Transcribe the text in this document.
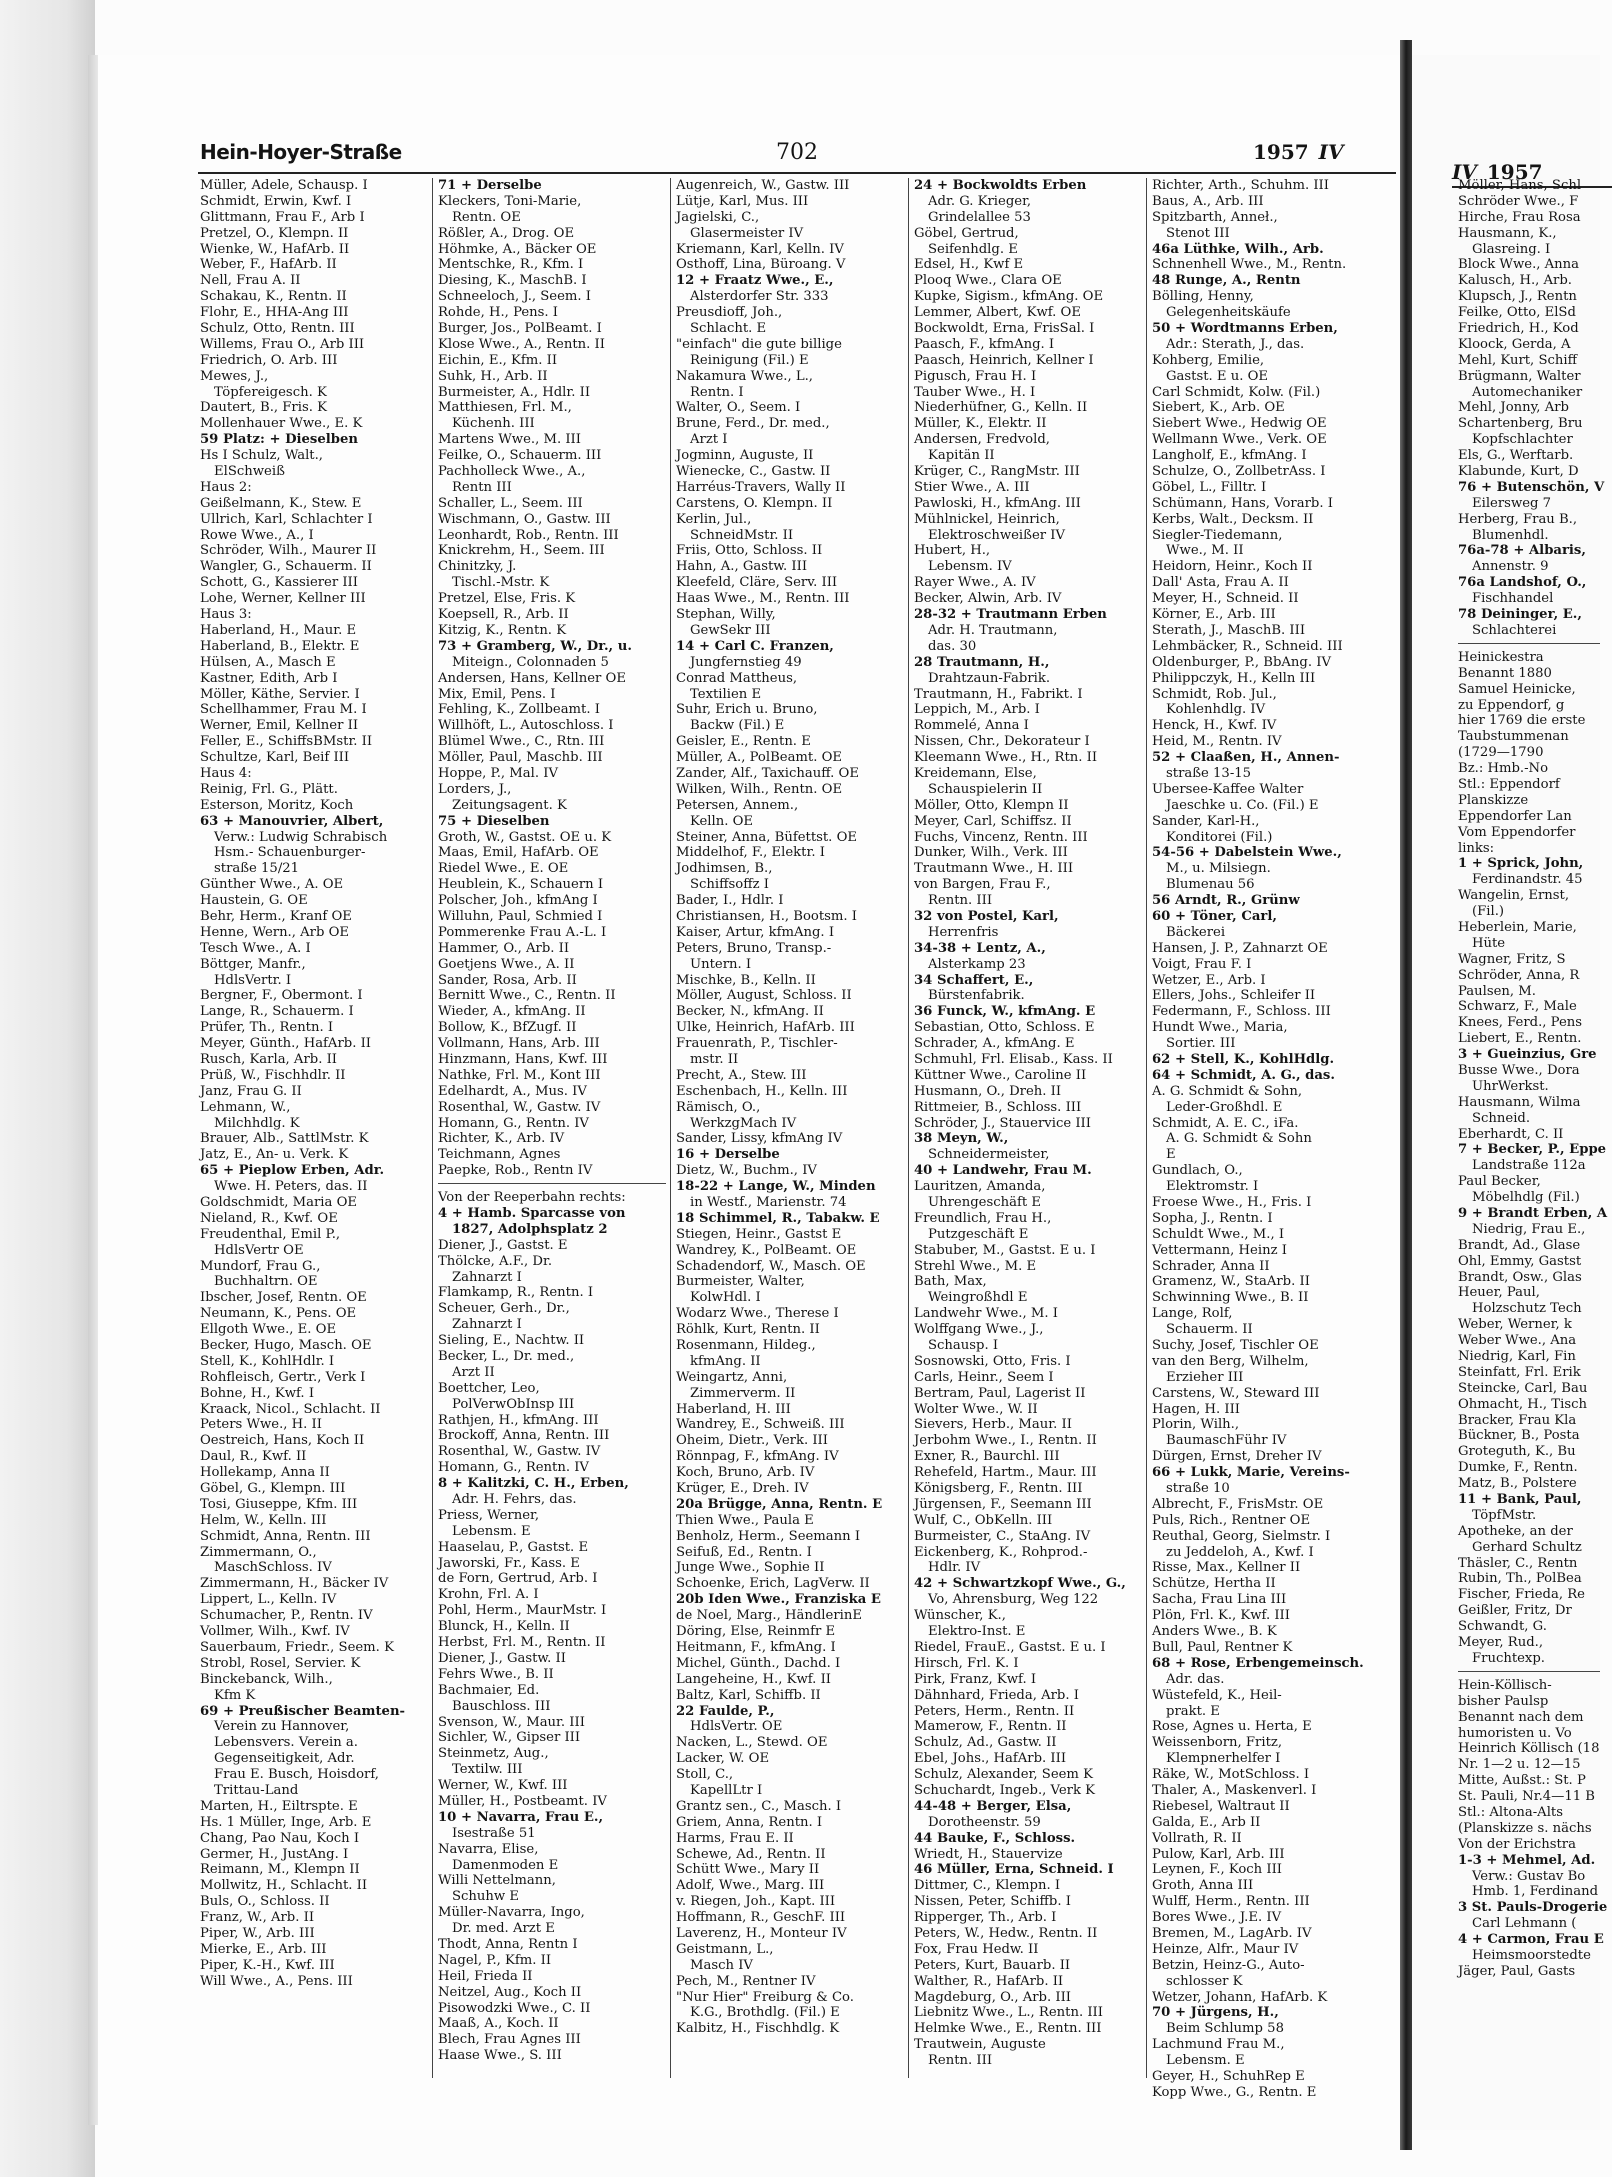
Hein-Hoyer-Straße	702	1957 IV
IV 1957
Müller, Adele, Schausp. I
Schmidt, Erwin, Kwf. I
Glittmann, Frau F., Arb I
Pretzel, O., Klempn. II
Wienke, W., HafArb. II
Weber, F., HafArb. II
Nell, Frau A. II
Schakau, K., Rentn. II
Flohr, E., HHA-Ang III
Schulz, Otto, Rentn. III
Willems, Frau O., Arb III
Friedrich, O. Arb. III
Mewes, J.,
Töpfereigesch. K
Dautert, B., Fris. K
Mollenhauer Wwe., E. K
59 Platz: + Dieselben
Hs I Schulz, Walt.,
ElSchweiß
Haus 2:
Geißelmann, K., Stew. E
Ullrich, Karl, Schlachter I
Rowe Wwe., A., I
Schröder, Wilh., Maurer II
Wangler, G., Schauerm. II
Schott, G., Kassierer III
Lohe, Werner, Kellner III
Haus 3:
Haberland, H., Maur. E
Haberland, B., Elektr. E
Hülsen, A., Masch E
Kastner, Edith, Arb I
Möller, Käthe, Servier. I
Schellhammer, Frau M. I
Werner, Emil, Kellner II
Feller, E., SchiffsBMstr. II
Schultze, Karl, Beif III
Haus 4:
Reinig, Frl. G., Plätt.
Esterson, Moritz, Koch
63 + Manouvrier, Albert,
Verw.: Ludwig Schrabisch
Hsm.- Schauenburger-
straße 15/21
Günther Wwe., A. OE
Haustein, G. OE
Behr, Herm., Kranf OE
Henne, Wern., Arb OE
Tesch Wwe., A. I
Böttger, Manfr.,
HdlsVertr. I
Bergner, F., Obermont. I
Lange, R., Schauerm. I
Prüfer, Th., Rentn. I
Meyer, Günth., HafArb. II
Rusch, Karla, Arb. II
Prüß, W., Fischhdlr. II
Janz, Frau G. II
Lehmann, W.,
Milchhdlg. K
Brauer, Alb., SattlMstr. K
Jatz, E., An- u. Verk. K
65 + Pieplow Erben, Adr.
Wwe. H. Peters, das. II
Goldschmidt, Maria OE
Nieland, R., Kwf. OE
Freudenthal, Emil P.,
HdlsVertr OE
Mundorf, Frau G.,
Buchhaltrn. OE
Ibscher, Josef, Rentn. OE
Neumann, K., Pens. OE
Ellgoth Wwe., E. OE
Becker, Hugo, Masch. OE
Stell, K., KohlHdlr. I
Rohfleisch, Gertr., Verk I
Bohne, H., Kwf. I
Kraack, Nicol., Schlacht. II
Peters Wwe., H. II
Oestreich, Hans, Koch II
Daul, R., Kwf. II
Hollekamp, Anna II
Göbel, G., Klempn. III
Tosi, Giuseppe, Kfm. III
Helm, W., Kelln. III
Schmidt, Anna, Rentn. III
Zimmermann, O.,
MaschSchloss. IV
Zimmermann, H., Bäcker IV
Lippert, L., Kelln. IV
Schumacher, P., Rentn. IV
Vollmer, Wilh., Kwf. IV
Sauerbaum, Friedr., Seem. K
Strobl, Rosel, Servier. K
Binckebanck, Wilh.,
Kfm K
69 + Preußischer Beamten-
Verein zu Hannover,
Lebensvers. Verein a.
Gegenseitigkeit, Adr.
Frau E. Busch, Hoisdorf,
Trittau-Land
Marten, H., Eiltrspte. E
Hs. 1 Müller, Inge, Arb. E
Chang, Pao Nau, Koch I
Germer, H., JustAng. I
Reimann, M., Klempn II
Mollwitz, H., Schlacht. II
Buls, O., Schloss. II
Franz, W., Arb. II
Piper, W., Arb. III
Mierke, E., Arb. III
Piper, K.-H., Kwf. III
Will Wwe., A., Pens. III
71 + Derselbe
Kleckers, Toni-Marie,
Rentn. OE
Rößler, A., Drog. OE
Höhmke, A., Bäcker OE
Mentschke, R., Kfm. I
Diesing, K., MaschB. I
Schneeloch, J., Seem. I
Rohde, H., Pens. I
Burger, Jos., PolBeamt. I
Klose Wwe., A., Rentn. II
Eichin, E., Kfm. II
Suhk, H., Arb. II
Burmeister, A., Hdlr. II
Matthiesen, Frl. M.,
Küchenh. III
Martens Wwe., M. III
Feilke, O., Schauerm. III
Pachholleck Wwe., A.,
Rentn III
Schaller, L., Seem. III
Wischmann, O., Gastw. III
Leonhardt, Rob., Rentn. III
Knickrehm, H., Seem. III
Chinitzky, J.
Tischl.-Mstr. K
Pretzel, Else, Fris. K
Koepsell, R., Arb. II
Kitzig, K., Rentn. K
73 + Gramberg, W., Dr., u.
Miteign., Colonnaden 5
Andersen, Hans, Kellner OE
Mix, Emil, Pens. I
Fehling, K., Zollbeamt. I
Willhöft, L., Autoschloss. I
Blümel Wwe., C., Rtn. III
Möller, Paul, Maschb. III
Hoppe, P., Mal. IV
Lorders, J.,
Zeitungsagent. K
75 + Dieselben
Groth, W., Gastst. OE u. K
Maas, Emil, HafArb. OE
Riedel Wwe., E. OE
Heublein, K., Schauern I
Polscher, Joh., kfmAng I
Willuhn, Paul, Schmied I
Pommerenke Frau A.-L. I
Hammer, O., Arb. II
Goetjens Wwe., A. II
Sander, Rosa, Arb. II
Bernitt Wwe., C., Rentn. II
Wieder, A., kfmAng. II
Bollow, K., BfZugf. II
Vollmann, Hans, Arb. III
Hinzmann, Hans, Kwf. III
Nathke, Frl. M., Kont III
Edelhardt, A., Mus. IV
Rosenthal, W., Gastw. IV
Homann, G., Rentn. IV
Richter, K., Arb. IV
Teichmann, Agnes
Paepke, Rob., Rentn IV
Von der Reeperbahn rechts:
4 + Hamb. Sparcasse von
1827, Adolphsplatz 2
Diener, J., Gastst. E
Thölcke, A.F., Dr.
Zahnarzt I
Flamkamp, R., Rentn. I
Scheuer, Gerh., Dr.,
Zahnarzt I
Sieling, E., Nachtw. II
Becker, L., Dr. med.,
Arzt II
Boettcher, Leo,
PolVerwObInsp III
Rathjen, H., kfmAng. III
Brockoff, Anna, Rentn. III
Rosenthal, W., Gastw. IV
Homann, G., Rentn. IV
8 + Kalitzki, C. H., Erben,
Adr. H. Fehrs, das.
Priess, Werner,
Lebensm. E
Haaselau, P., Gastst. E
Jaworski, Fr., Kass. E
de Forn, Gertrud, Arb. I
Krohn, Frl. A. I
Pohl, Herm., MaurMstr. I
Blunck, H., Kelln. II
Herbst, Frl. M., Rentn. II
Diener, J., Gastw. II
Fehrs Wwe., B. II
Bachmaier, Ed.
Bauschloss. III
Svenson, W., Maur. III
Sichler, W., Gipser III
Steinmetz, Aug.,
Textilw. III
Werner, W., Kwf. III
Müller, H., Postbeamt. IV
10 + Navarra, Frau E.,
Isestraße 51
Navarra, Elise,
Damenmoden E
Willi Nettelmann,
Schuhw E
Müller-Navarra, Ingo,
Dr. med. Arzt E
Thodt, Anna, Rentn I
Nagel, P., Kfm. II
Heil, Frieda II
Neitzel, Aug., Koch II
Pisowodzki Wwe., C. II
Maaß, A., Koch. II
Blech, Frau Agnes III
Haase Wwe., S. III
Augenreich, W., Gastw. III
Lütje, Karl, Mus. III
Jagielski, C.,
Glasermeister IV
Kriemann, Karl, Kelln. IV
Osthoff, Lina, Büroang. V
12 + Fraatz Wwe., E.,
Alsterdorfer Str. 333
Preusdioff, Joh.,
Schlacht. E
"einfach" die gute billige
Reinigung (Fil.) E
Nakamura Wwe., L.,
Rentn. I
Walter, O., Seem. I
Brune, Ferd., Dr. med.,
Arzt I
Jogminn, Auguste, II
Wienecke, C., Gastw. II
Harréus-Travers, Wally II
Carstens, O. Klempn. II
Kerlin, Jul.,
SchneidMstr. II
Friis, Otto, Schloss. II
Hahn, A., Gastw. III
Kleefeld, Cläre, Serv. III
Haas Wwe., M., Rentn. III
Stephan, Willy,
GewSekr III
14 + Carl C. Franzen,
Jungfernstieg 49
Conrad Mattheus,
Textilien E
Suhr, Erich u. Bruno,
Backw (Fil.) E
Geisler, E., Rentn. E
Müller, A., PolBeamt. OE
Zander, Alf., Taxichauff. OE
Wilken, Wilh., Rentn. OE
Petersen, Annem.,
Kelln. OE
Steiner, Anna, Büfettst. OE
Middelhof, F., Elektr. I
Jodhimsen, B.,
Schiffsoffz I
Bader, I., Hdlr. I
Christiansen, H., Bootsm. I
Kaiser, Artur, kfmAng. I
Peters, Bruno, Transp.-
Untern. I
Mischke, B., Kelln. II
Möller, August, Schloss. II
Becker, N., kfmAng. II
Ulke, Heinrich, HafArb. III
Frauenrath, P., Tischler-
mstr. II
Precht, A., Stew. III
Eschenbach, H., Kelln. III
Rämisch, O.,
WerkzgMach IV
Sander, Lissy, kfmAng IV
16 + Derselbe
Dietz, W., Buchm., IV
18-22 + Lange, W., Minden
in Westf., Marienstr. 74
18 Schimmel, R., Tabakw. E
Stiegen, Heinr., Gastst E
Wandrey, K., PolBeamt. OE
Schadendorf, W., Masch. OE
Burmeister, Walter,
KolwHdl. I
Wodarz Wwe., Therese I
Röhlk, Kurt, Rentn. II
Rosenmann, Hildeg.,
kfmAng. II
Weingartz, Anni,
Zimmerverm. II
Haberland, H. III
Wandrey, E., Schweiß. III
Oheim, Dietr., Verk. III
Rönnpag, F., kfmAng. IV
Koch, Bruno, Arb. IV
Krüger, E., Dreh. IV
20a Brügge, Anna, Rentn. E
Thien Wwe., Paula E
Benholz, Herm., Seemann I
Seifuß, Ed., Rentn. I
Junge Wwe., Sophie II
Schoenke, Erich, LagVerw. II
20b Iden Wwe., Franziska E
de Noel, Marg., HändlerinE
Döring, Else, Reinmfr E
Heitmann, F., kfmAng. I
Michel, Günth., Dachd. I
Langeheine, H., Kwf. II
Baltz, Karl, Schiffb. II
22 Faulde, P.,
HdlsVertr. OE
Nacken, L., Stewd. OE
Lacker, W. OE
Stoll, C.,
KapellLtr I
Grantz sen., C., Masch. I
Griem, Anna, Rentn. I
Harms, Frau E. II
Schewe, Ad., Rentn. II
Schütt Wwe., Mary II
Adolf, Wwe., Marg. III
v. Riegen, Joh., Kapt. III
Hoffmann, R., GeschF. III
Laverenz, H., Monteur IV
Geistmann, L.,
Masch IV
Pech, M., Rentner IV
"Nur Hier" Freiburg & Co.
K.G., Brothdlg. (Fil.) E
Kalbitz, H., Fischhdlg. K
24 + Bockwoldts Erben
Adr. G. Krieger,
Grindelallee 53
Göbel, Gertrud,
Seifenhdlg. E
Edsel, H., Kwf E
Plooq Wwe., Clara OE
Kupke, Sigism., kfmAng. OE
Lemmer, Albert, Kwf. OE
Bockwoldt, Erna, FrisSal. I
Paasch, F., kfmAng. I
Paasch, Heinrich, Kellner I
Pigusch, Frau H. I
Tauber Wwe., H. I
Niederhüfner, G., Kelln. II
Müller, K., Elektr. II
Andersen, Fredvold,
Kapitän II
Krüger, C., RangMstr. III
Stier Wwe., A. III
Pawloski, H., kfmAng. III
Mühlnickel, Heinrich,
Elektroschweißer IV
Hubert, H.,
Lebensm. IV
Rayer Wwe., A. IV
Becker, Alwin, Arb. IV
28-32 + Trautmann Erben
Adr. H. Trautmann,
das. 30
28 Trautmann, H.,
Drahtzaun-Fabrik.
Trautmann, H., Fabrikt. I
Leppich, M., Arb. I
Rommelé, Anna I
Nissen, Chr., Dekorateur I
Kleemann Wwe., H., Rtn. II
Kreidemann, Else,
Schauspielerin II
Möller, Otto, Klempn II
Meyer, Carl, Schiffsz. II
Fuchs, Vincenz, Rentn. III
Dunker, Wilh., Verk. III
Trautmann Wwe., H. III
von Bargen, Frau F.,
Rentn. III
32 von Postel, Karl,
Herrenfris
34-38 + Lentz, A.,
Alsterkamp 23
34 Schaffert, E.,
Bürstenfabrik.
36 Funck, W., kfmAng. E
Sebastian, Otto, Schloss. E
Schrader, A., kfmAng. E
Schmuhl, Frl. Elisab., Kass. II
Küttner Wwe., Caroline II
Husmann, O., Dreh. II
Rittmeier, B., Schloss. III
Schröder, J., Stauervice III
38 Meyn, W.,
Schneidermeister,
40 + Landwehr, Frau M.
Lauritzen, Amanda,
Uhrengeschäft E
Freundlich, Frau H.,
Putzgeschäft E
Stabuber, M., Gastst. E u. I
Strehl Wwe., M. E
Bath, Max,
Weingroßhdl E
Landwehr Wwe., M. I
Wolffgang Wwe., J.,
Schausp. I
Sosnowski, Otto, Fris. I
Carls, Heinr., Seem I
Bertram, Paul, Lagerist II
Wolter Wwe., W. II
Sievers, Herb., Maur. II
Jerbohm Wwe., I., Rentn. II
Exner, R., Baurchl. III
Rehefeld, Hartm., Maur. III
Königsberg, F., Rentn. III
Jürgensen, F., Seemann III
Wulf, C., ObKelln. III
Burmeister, C., StaAng. IV
Eickenberg, K., Rohprod.-
Hdlr. IV
42 + Schwartzkopf Wwe., G.,
Vo, Ahrensburg, Weg 122
Wünscher, K.,
Elektro-Inst. E
Riedel, FrauE., Gastst. E u. I
Hirsch, Frl. K. I
Pirk, Franz, Kwf. I
Dähnhard, Frieda, Arb. I
Peters, Herm., Rentn. II
Mamerow, F., Rentn. II
Schulz, Ad., Gastw. II
Ebel, Johs., HafArb. III
Schulz, Alexander, Seem K
Schuchardt, Ingeb., Verk K
44-48 + Berger, Elsa,
Dorotheenstr. 59
44 Bauke, F., Schloss.
Wriedt, H., Stauervize
46 Müller, Erna, Schneid. I
Dittmer, C., Klempn. I
Nissen, Peter, Schiffb. I
Ripperger, Th., Arb. I
Peters, W., Hedw., Rentn. II
Fox, Frau Hedw. II
Peters, Kurt, Bauarb. II
Walther, R., HafArb. II
Magdeburg, O., Arb. III
Liebnitz Wwe., L., Rentn. III
Helmke Wwe., E., Rentn. III
Trautwein, Auguste
Rentn. III
Richter, Arth., Schuhm. III
Baus, A., Arb. III
Spitzbarth, Anneł.,
Stenot III
46a Lüthke, Wilh., Arb.
Schnenhell Wwe., M., Rentn.
48 Runge, A., Rentn
Bölling, Henny,
Gelegenheitskäufe
50 + Wordtmanns Erben,
Adr.: Sterath, J., das.
Kohberg, Emilie,
Gastst. E u. OE
Carl Schmidt, Kolw. (Fil.)
Siebert, K., Arb. OE
Siebert Wwe., Hedwig OE
Wellmann Wwe., Verk. OE
Langholf, E., kfmAng. I
Schulze, O., ZollbetrAss. I
Göbel, L., Filltr. I
Schümann, Hans, Vorarb. I
Kerbs, Walt., Decksm. II
Siegler-Tiedemann,
Wwe., M. II
Heidorn, Heinr., Koch II
Dall' Asta, Frau A. II
Meyer, H., Schneid. II
Körner, E., Arb. III
Sterath, J., MaschB. III
Lehmbäcker, R., Schneid. III
Oldenburger, P., BbAng. IV
Philippczyk, H., Kelln III
Schmidt, Rob. Jul.,
Kohlenhdlg. IV
Henck, H., Kwf. IV
Heid, M., Rentn. IV
52 + Claaßen, H., Annen-
straße 13-15
Ubersee-Kaffee Walter
Jaeschke u. Co. (Fil.) E
Sander, Karl-H.,
Konditorei (Fil.)
54-56 + Dabelstein Wwe.,
M., u. Milsiegn.
Blumenau 56
56 Arndt, R., Grünw
60 + Töner, Carl,
Bäckerei
Hansen, J. P., Zahnarzt OE
Voigt, Frau F. I
Wetzer, E., Arb. I
Ellers, Johs., Schleifer II
Federmann, F., Schloss. III
Hundt Wwe., Maria,
Sortier. III
62 + Stell, K., KohlHdlg.
64 + Schmidt, A. G., das.
A. G. Schmidt & Sohn,
Leder-Großhdl. E
Schmidt, A. E. C., iFa.
A. G. Schmidt & Sohn
E
Gundlach, O.,
Elektromstr. I
Froese Wwe., H., Fris. I
Sopha, J., Rentn. I
Schuldt Wwe., M., I
Vettermann, Heinz I
Schrader, Anna II
Gramenz, W., StaArb. II
Schwinning Wwe., B. II
Lange, Rolf,
Schauerm. II
Suchy, Josef, Tischler OE
van den Berg, Wilhelm,
Erzieher III
Carstens, W., Steward III
Hagen, H. III
Plorin, Wilh.,
BaumaschFühr IV
Dürgen, Ernst, Dreher IV
66 + Lukk, Marie, Vereins-
straße 10
Albrecht, F., FrisMstr. OE
Puls, Rich., Rentner OE
Reuthal, Georg, Sielmstr. I
zu Jeddeloh, A., Kwf. I
Risse, Max., Kellner II
Schütze, Hertha II
Sacha, Frau Lina III
Plön, Frl. K., Kwf. III
Anders Wwe., B. K
Bull, Paul, Rentner K
68 + Rose, Erbengemeinsch.
Adr. das.
Wüstefeld, K., Heil-
prakt. E
Rose, Agnes u. Herta, E
Weissenborn, Fritz,
Klempnerhelfer I
Räke, W., MotSchloss. I
Thaler, A., Maskenverl. I
Riebesel, Waltraut II
Galda, E., Arb II
Vollrath, R. II
Pulow, Karl, Arb. III
Leynen, F., Koch III
Groth, Anna III
Wulff, Herm., Rentn. III
Bores Wwe., J.E. IV
Bremen, M., LagArb. IV
Heinze, Alfr., Maur IV
Betzin, Heinz-G., Auto-
schlosser K
Wetzer, Johann, HafArb. K
70 + Jürgens, H.,
Beim Schlump 58
Lachmund Frau M.,
Lebensm. E
Geyer, H., SchuhRep E
Kopp Wwe., G., Rentn. E
Möller, Hans, Schl
Schröder Wwe., F
Hirche, Frau Rosa
Hausmann, K.,
Glasreing. I
Block Wwe., Anna
Kalusch, H., Arb.
Klupsch, J., Rentn
Feilke, Otto, ElSd
Friedrich, H., Kod
Kloock, Gerda, A
Mehl, Kurt, Schiff
Brügmann, Walter
Automechaniker
Mehl, Jonny, Arb
Schartenberg, Bru
Kopfschlachter
Els, G., Werftarb.
Klabunde, Kurt, D
76 + Butenschön, V
Eilersweg 7
Herberg, Frau B.,
Blumenhdl.
76a-78 + Albaris,
Annenstr. 9
76a Landshof, O.,
Fischhandel
78 Deininger, E.,
Schlachterei
Heinickestra
Benannt 1880
Samuel Heinicke,
zu Eppendorf, g
hier 1769 die erste
Taubstummenan
(1729—1790
Bz.: Hmb.-No
Stl.: Eppendorf
Planskizze
Eppendorfer Lan
Vom Eppendorfer
links:
1 + Sprick, John,
Ferdinandstr. 45
Wangelin, Ernst,
(Fil.)
Heberlein, Marie,
Hüte
Wagner, Fritz, S
Schröder, Anna, R
Paulsen, M.
Schwarz, F., Male
Knees, Ferd., Pens
Liebert, E., Rentn.
3 + Gueinzius, Gre
Busse Wwe., Dora
UhrWerkst.
Hausmann, Wilma
Schneid.
Eberhardt, C. II
7 + Becker, P., Eppe
Landstraße 112a
Paul Becker,
Möbelhdlg (Fil.)
9 + Brandt Erben, A
Niedrig, Frau E.,
Brandt, Ad., Glase
Ohl, Emmy, Gastst
Brandt, Osw., Glas
Heuer, Paul,
Holzschutz Tech
Weber, Werner, k
Weber Wwe., Ana
Niedrig, Karl, Fin
Steinfatt, Frl. Erik
Steincke, Carl, Bau
Ohmacht, H., Tisch
Bracker, Frau Kla
Bückner, B., Posta
Groteguth, K., Bu
Dumke, F., Rentn.
Matz, B., Polstere
11 + Bank, Paul,
TöpfMstr.
Apotheke, an der
Gerhard Schultz
Thäsler, C., Rentn
Rubin, Th., PolBea
Fischer, Frieda, Re
Geißler, Fritz, Dr
Schwandt, G.
Meyer, Rud.,
Fruchtexp.
Hein-Köllisch-
bisher Paulsp
Benannt nach dem
humoristen u. Vo
Heinrich Köllisch (18
Nr. 1—2 u. 12—15
Mitte, Außst.: St. P
St. Pauli, Nr.4—11 B
Stl.: Altona-Alts
(Planskizze s. nächs
Von der Erichstra
1-3 + Mehmel, Ad.
Verw.: Gustav Bo
Hmb. 1, Ferdinand
3 St. Pauls-Drogerie
Carl Lehmann (
4 + Carmon, Frau E
Heimsmoorstedte
Jäger, Paul, Gasts
